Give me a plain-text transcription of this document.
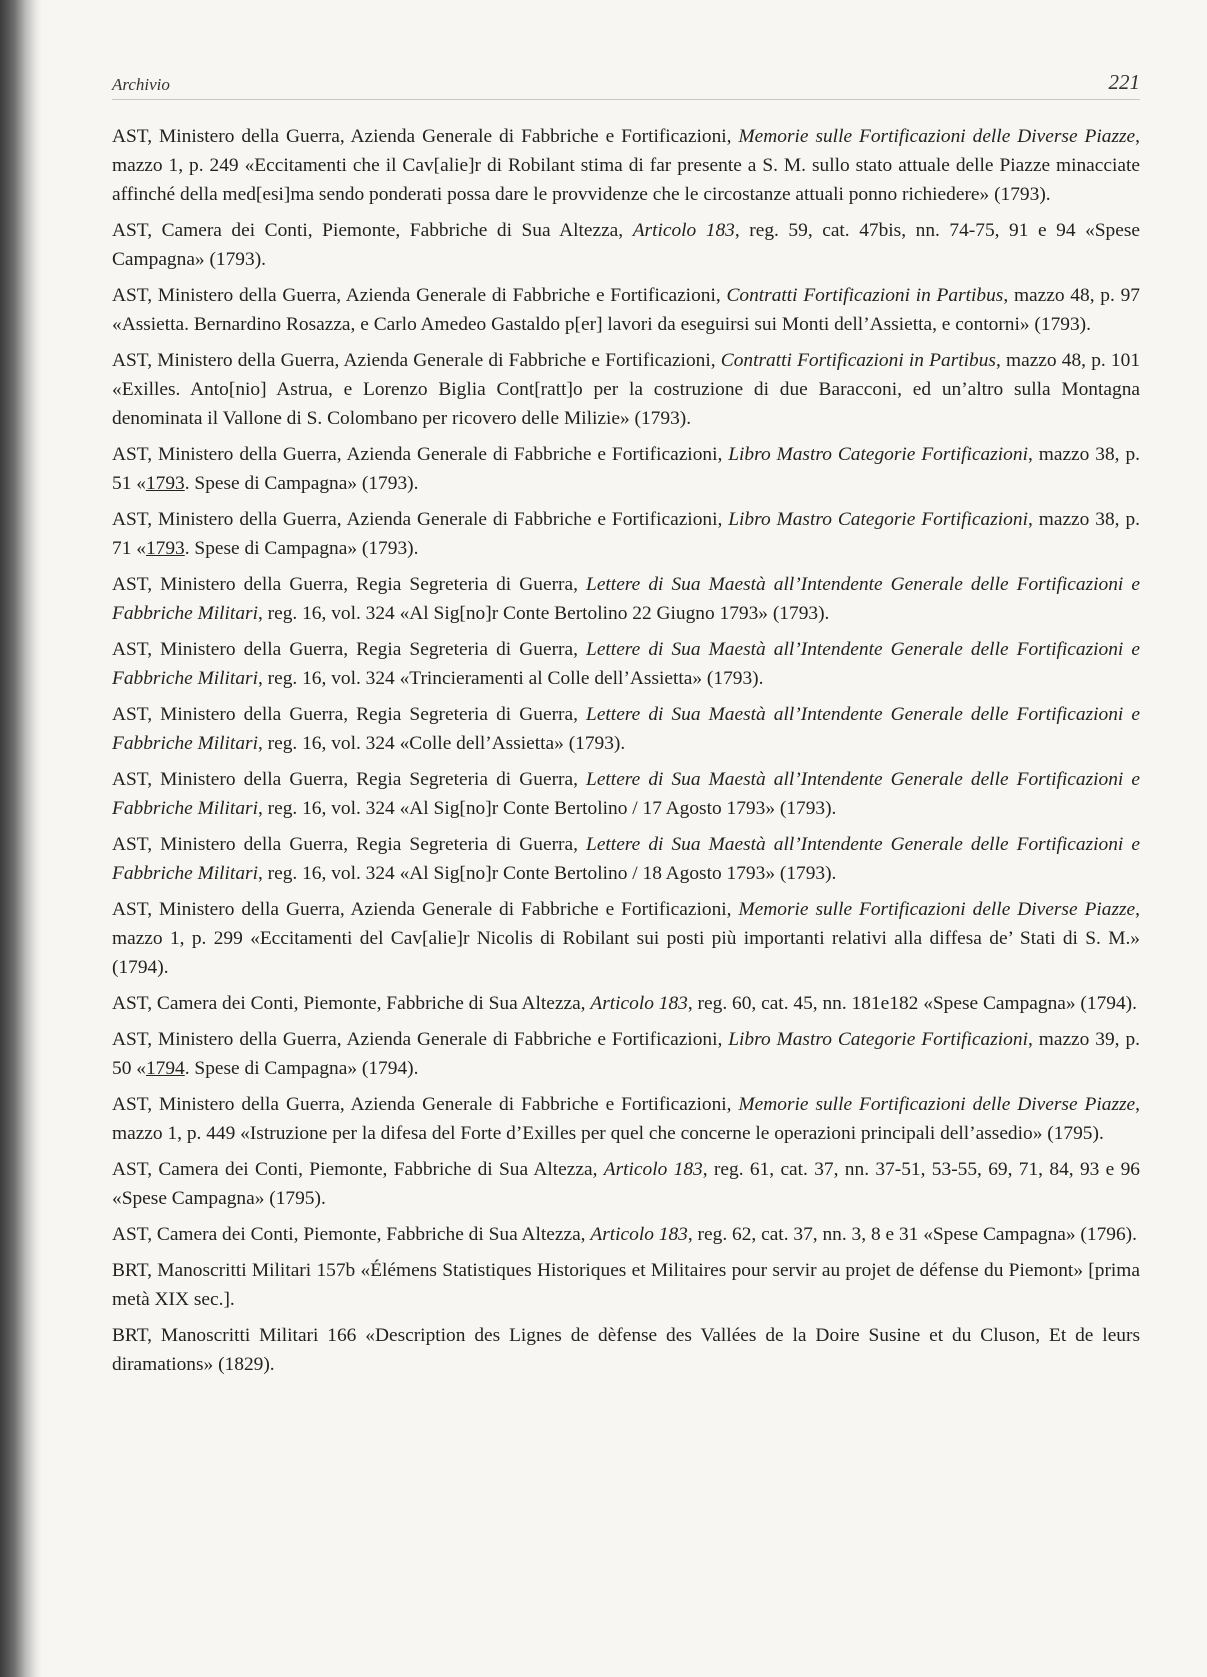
Archivio	221

AST, Ministero della Guerra, Azienda Generale di Fabbriche e Fortificazioni, Memorie sulle Fortificazioni delle Diverse Piazze, mazzo 1, p. 249 «Eccitamenti che il Cav[alie]r di Robilant stima di far presente a S. M. sullo stato attuale delle Piazze minacciate affinché della med[esi]ma sendo ponderati possa dare le provvidenze che le circostanze attuali ponno richiedere» (1793).

AST, Camera dei Conti, Piemonte, Fabbriche di Sua Altezza, Articolo 183, reg. 59, cat. 47bis, nn. 74-75, 91 e 94 «Spese Campagna» (1793).

AST, Ministero della Guerra, Azienda Generale di Fabbriche e Fortificazioni, Contratti Fortificazioni in Partibus, mazzo 48, p. 97 «Assietta. Bernardino Rosazza, e Carlo Amedeo Gastaldo p[er] lavori da eseguirsi sui Monti dell’Assietta, e contorni» (1793).

AST, Ministero della Guerra, Azienda Generale di Fabbriche e Fortificazioni, Contratti Fortificazioni in Partibus, mazzo 48, p. 101 «Exilles. Anto[nio] Astrua, e Lorenzo Biglia Cont[ratt]o per la costruzione di due Baracconi, ed un’altro sulla Montagna denominata il Vallone di S. Colombano per ricovero delle Milizie» (1793).

AST, Ministero della Guerra, Azienda Generale di Fabbriche e Fortificazioni, Libro Mastro Categorie Fortificazioni, mazzo 38, p. 51 «1793. Spese di Campagna» (1793).

AST, Ministero della Guerra, Azienda Generale di Fabbriche e Fortificazioni, Libro Mastro Categorie Fortificazioni, mazzo 38, p. 71 «1793. Spese di Campagna» (1793).

AST, Ministero della Guerra, Regia Segreteria di Guerra, Lettere di Sua Maestà all’Intendente Generale delle Fortificazioni e Fabbriche Militari, reg. 16, vol. 324 «Al Sig[no]r Conte Bertolino 22 Giugno 1793» (1793).

AST, Ministero della Guerra, Regia Segreteria di Guerra, Lettere di Sua Maestà all’Intendente Generale delle Fortificazioni e Fabbriche Militari, reg. 16, vol. 324 «Trincieramenti al Colle dell’Assietta» (1793).

AST, Ministero della Guerra, Regia Segreteria di Guerra, Lettere di Sua Maestà all’Intendente Generale delle Fortificazioni e Fabbriche Militari, reg. 16, vol. 324 «Colle dell’Assietta» (1793).

AST, Ministero della Guerra, Regia Segreteria di Guerra, Lettere di Sua Maestà all’Intendente Generale delle Fortificazioni e Fabbriche Militari, reg. 16, vol. 324 «Al Sig[no]r Conte Bertolino / 17 Agosto 1793» (1793).

AST, Ministero della Guerra, Regia Segreteria di Guerra, Lettere di Sua Maestà all’Intendente Generale delle Fortificazioni e Fabbriche Militari, reg. 16, vol. 324 «Al Sig[no]r Conte Bertolino / 18 Agosto 1793» (1793).

AST, Ministero della Guerra, Azienda Generale di Fabbriche e Fortificazioni, Memorie sulle Fortificazioni delle Diverse Piazze, mazzo 1, p. 299 «Eccitamenti del Cav[alie]r Nicolis di Robilant sui posti più importanti relativi alla diffesa de’ Stati di S. M.» (1794).

AST, Camera dei Conti, Piemonte, Fabbriche di Sua Altezza, Articolo 183, reg. 60, cat. 45, nn. 181e182 «Spese Campagna» (1794).

AST, Ministero della Guerra, Azienda Generale di Fabbriche e Fortificazioni, Libro Mastro Categorie Fortificazioni, mazzo 39, p. 50 «1794. Spese di Campagna» (1794).

AST, Ministero della Guerra, Azienda Generale di Fabbriche e Fortificazioni, Memorie sulle Fortificazioni delle Diverse Piazze, mazzo 1, p. 449 «Istruzione per la difesa del Forte d’Exilles per quel che concerne le operazioni principali dell’assedio» (1795).

AST, Camera dei Conti, Piemonte, Fabbriche di Sua Altezza, Articolo 183, reg. 61, cat. 37, nn. 37-51, 53-55, 69, 71, 84, 93 e 96 «Spese Campagna» (1795).

AST, Camera dei Conti, Piemonte, Fabbriche di Sua Altezza, Articolo 183, reg. 62, cat. 37, nn. 3, 8 e 31 «Spese Campagna» (1796).

BRT, Manoscritti Militari 157b «Élémens Statistiques Historiques et Militaires pour servir au projet de défense du Piemont» [prima metà XIX sec.].

BRT, Manoscritti Militari 166 «Description des Lignes de dèfense des Vallées de la Doire Susine et du Cluson, Et de leurs diramations» (1829).
